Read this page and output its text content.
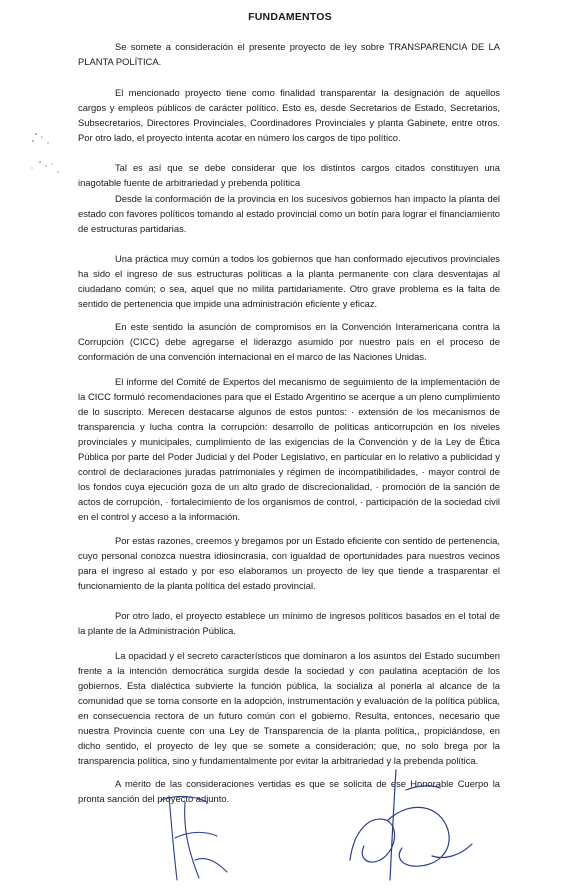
FUNDAMENTOS

Se somete a consideración el presente proyecto de ley sobre TRANSPARENCIA DE LA PLANTA POLÍTICA.

El mencionado proyecto tiene como finalidad transparentar la designación de aquellos cargos y empleos públicos de carácter político. Esto es, desde Secretarios de Estado, Secretarios, Subsecretarios, Directores Provinciales, Coordinadores Provinciales y planta Gabinete, entre otros. Por otro lado, el proyecto intenta acotar en número los cargos de tipo político.

Tal es así que se debe considerar que los distintos cargos citados constituyen una inagotable fuente de arbitrariedad y prebenda política

Desde la conformación de la provincia en los sucesivos gobiernos han impacto la planta del estado con favores políticos tomando al estado provincial como un botín para lograr el financiamiento de estructuras partidarias.

Una práctica muy común a todos los gobiernos que han conformado ejecutivos provinciales ha sido el ingreso de sus estructuras políticas a la planta permanente con clara desventajas al ciudadano común; o sea, aquel que no milita partidariamente. Otro grave problema es la falta de sentido de pertenencia que impide una administración eficiente y eficaz.

En este sentido la asunción de compromisos en la Convención Interamericana contra la Corrupción (CICC) debe agregarse el liderazgo asumido por nuestro país en el proceso de conformación de una convención internacional en el marco de las Naciones Unidas.

El informe del Comité de Expertos del mecanismo de seguimiento de la implementación de la CICC formuló recomendaciones para que el Estado Argentino se acerque a un pleno cumplimiento de lo suscripto. Merecen destacarse algunos de estos puntos: · extensión de los mecanismos de transparencia y lucha contra la corrupción: desarrollo de políticas anticorrupción en los niveles provinciales y municipales, cumplimiento de las exigencias de la Convención y de la Ley de Ética Pública por parte del Poder Judicial y del Poder Legislativo, en particular en lo relativo a publicidad y control de declaraciones juradas patrimoniales y régimen de incompatibilidades, · mayor control de los fondos cuya ejecución goza de un alto grado de discrecionalidad, · promoción de la sanción de actos de corrupción, · fortalecimiento de los organismos de control, · participación de la sociedad civil en el control y acceso a la información.

Por estas razones, creemos y bregamos por un Estado eficiente con sentido de pertenencia, cuyo personal conozca nuestra idiosincrasia, con igualdad de oportunidades para nuestros vecinos para el ingreso al estado y por eso elaboramos un proyecto de ley que tiende a trasparentar el funcionamiento de la planta política del estado provincial.

Por otro lado, el proyecto establece un mínimo de ingresos políticos basados en el total de la plante de la Administración Pública.

La opacidad y el secreto característicos que dominaron a los asuntos del Estado sucumben frente a la intención democrática surgida desde la sociedad y con paulatina aceptación de los gobiernos. Esta dialéctica subvierte la función pública, la socializa al ponerla al alcance de la comunidad que se torna consorte en la adopción, instrumentación y evaluación de la política pública, en consecuencia rectora de un futuro común con el gobierno. Resulta, entonces, necesario que nuestra Provincia cuente con una Ley de Transparencia de la planta política,, propiciándose, en dicho sentido, el proyecto de ley que se somete a consideración; que, no solo brega por la transparencia política, sino y fundamentalmente por evitar la arbitrariedad y la prebenda política.

A mérito de las consideraciones vertidas es que se solicita de ese Honorable Cuerpo la pronta sanción del proyecto adjunto.
